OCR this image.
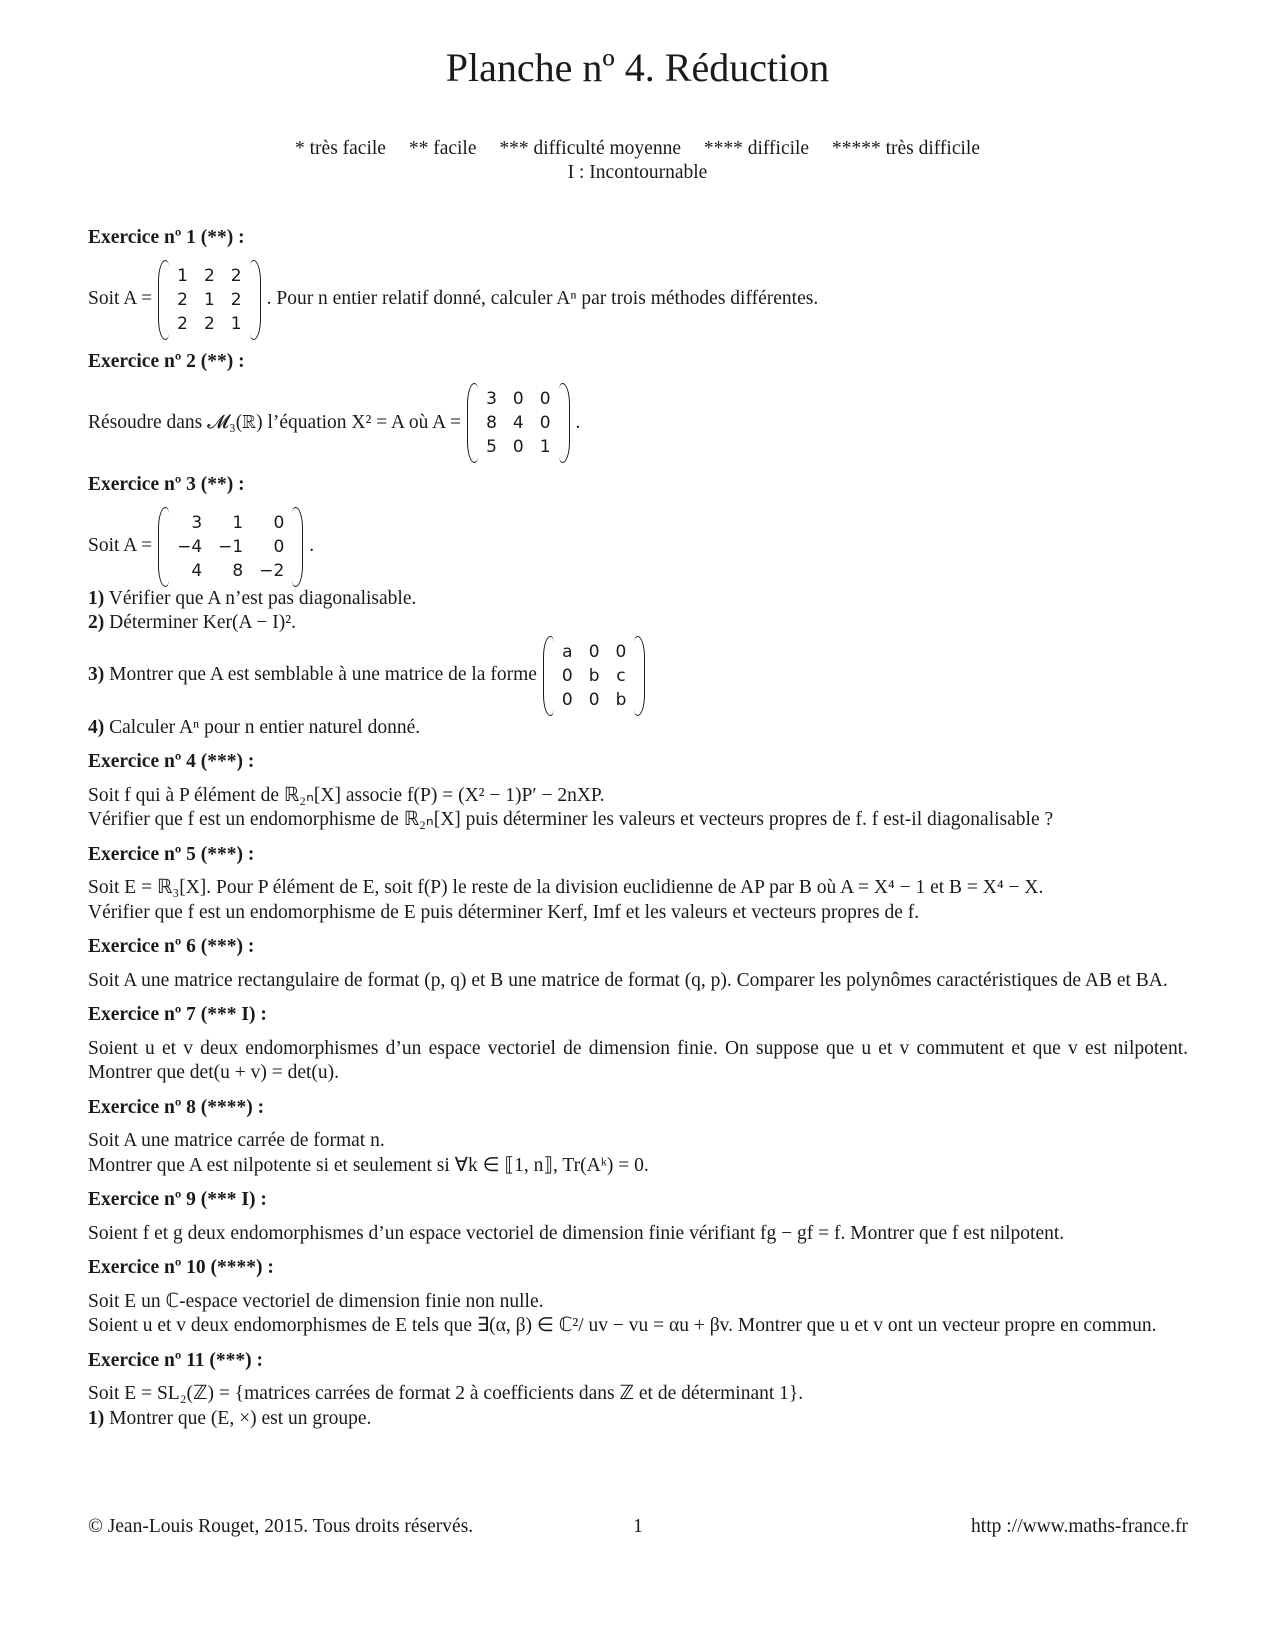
Planche nº 4. Réduction
* très facile ** facile *** difficulté moyenne **** difficile ***** très difficile
I : Incontournable
Exercice nº 1 (**) :
Soit A =
1 2 2
2 1 2
2 2 1
. Pour n entier relatif donné, calculer Aⁿ par trois méthodes différentes.
Exercice nº 2 (**) :
Résoudre dans 𝓜₃(ℝ) l’équation X² = A où A =
3 0 0
8 4 0
5 0 1
.
Exercice nº 3 (**) :
Soit A =
3	1	0
−4 −1	0
4	8 −2
.
1) Vérifier que A n’est pas diagonalisable.
2) Déterminer Ker(A − I)².
3)
Montrer que A est semblable à une matrice de la forme
a 0 0
0 b c
0 0 b
4) Calculer Aⁿ pour n entier naturel donné.
Exercice nº 4 (***) :
Soit f qui à P élément de ℝ₂ₙ[X] associe f(P) = (X² − 1)P′ − 2nXP.
Vérifier que f est un endomorphisme de ℝ₂ₙ[X] puis déterminer les valeurs et vecteurs propres de f. f est-il diagonalisable ?
Exercice nº 5 (***) :
Soit E = ℝ₃[X]. Pour P élément de E, soit f(P) le reste de la division euclidienne de AP par B où A = X⁴ − 1 et B = X⁴ − X.
Vérifier que f est un endomorphisme de E puis déterminer Kerf, Imf et les valeurs et vecteurs propres de f.
Exercice nº 6 (***) :
Soit A une matrice rectangulaire de format (p, q) et B une matrice de format (q, p). Comparer les polynômes caractéristiques de AB et BA.
Exercice nº 7 (*** I) :
Soient u et v deux endomorphismes d’un espace vectoriel de dimension finie. On suppose que u et v commutent et que v est nilpotent. Montrer que det(u + v) = det(u).
Exercice nº 8 (****) :
Soit A une matrice carrée de format n.
Montrer que A est nilpotente si et seulement si ∀k ∈ ⟦1, n⟧, Tr(Aᵏ) = 0.
Exercice nº 9 (*** I) :
Soient f et g deux endomorphismes d’un espace vectoriel de dimension finie vérifiant fg − gf = f. Montrer que f est nilpotent.
Exercice nº 10 (****) :
Soit E un ℂ-espace vectoriel de dimension finie non nulle.
Soient u et v deux endomorphismes de E tels que ∃(α, β) ∈ ℂ²/ uv − vu = αu + βv. Montrer que u et v ont un vecteur propre en commun.
Exercice nº 11 (***) :
Soit E = SL₂(ℤ) = {matrices carrées de format 2 à coefficients dans ℤ et de déterminant 1}.
1) Montrer que (E, ×) est un groupe.
© Jean-Louis Rouget, 2015. Tous droits réservés.	1	http ://www.maths-france.fr
